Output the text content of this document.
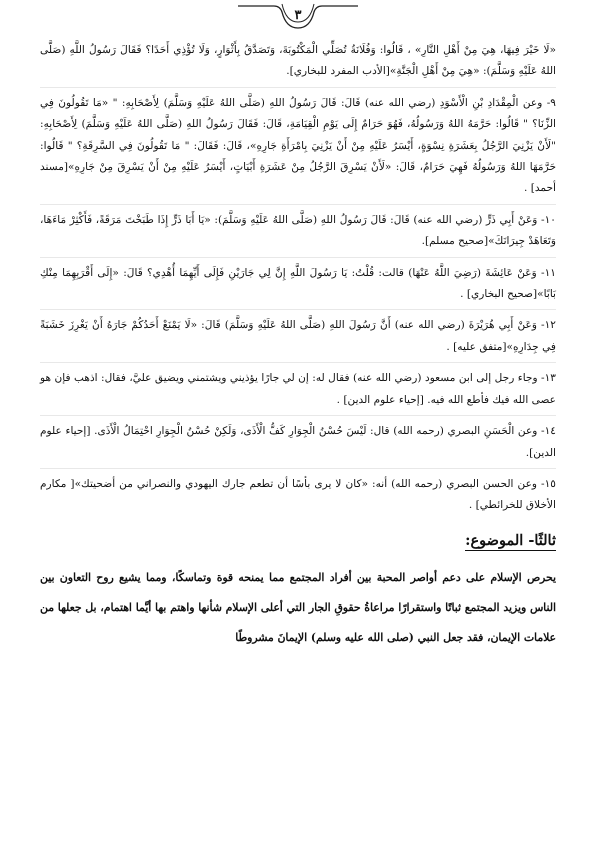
٣

«لَا خَيْرَ فِيهَا، هِيَ مِنْ أَهْلِ النَّارِ» ، قَالُوا: وَفُلَانَةُ تُصَلِّي الْمَكْتُوبَةَ، وَتَصَدَّقُ بِأَثْوَارٍ، وَلَا تُؤْذِي أَحَدًا؟ فَقَالَ رَسُولُ اللَّهِ (صَلَّى اللهُ عَلَيْهِ وَسَلَّمَ): «هِيَ مِنْ أَهْلِ الْجَنَّةِ»[الأدب المفرد للبخاري].

٩- وعن الْمِقْدَادِ بْنِ الْأَسْوَدِ (رضي الله عنه) قَالَ: قَالَ رَسُولُ اللهِ (صَلَّى اللهُ عَلَيْهِ وَسَلَّمَ) لِأَصْحَابِهِ: " «مَا تَقُولُونَ فِي الزِّنَا؟ " قَالُوا: حَرَّمَهُ اللهُ وَرَسُولُهُ، فَهُوَ حَرَامٌ إِلَى يَوْمِ الْقِيَامَةِ، قَالَ: فَقَالَ رَسُولُ اللهِ (صَلَّى اللهُ عَلَيْهِ وَسَلَّمَ) لِأَصْحَابِهِ: "لَأَنْ يَزْنِيَ الرَّجُلُ بِعَشَرَةِ نِسْوَةٍ، أَيْسَرُ عَلَيْهِ مِنْ أَنْ يَزْنِيَ بِامْرَأَةِ جَارِهِ»، قَالَ: فَقَالَ: " مَا تَقُولُونَ فِي السَّرِقَةِ؟ " قَالُوا: حَرَّمَهَا اللهُ وَرَسُولُهُ فَهِيَ حَرَامٌ، قَالَ: «لَأَنْ يَسْرِقَ الرَّجُلُ مِنْ عَشَرَةِ أَبْيَاتٍ، أَيْسَرُ عَلَيْهِ مِنْ أَنْ يَسْرِقَ مِنْ جَارِهِ»[مسند أحمد] .

١٠- وَعَنْ أَبِي ذَرٍّ (رضي الله عنه) قَالَ: قَالَ رَسُولُ اللهِ (صَلَّى اللهُ عَلَيْهِ وَسَلَّمَ): «يَا أَبَا ذَرٍّ إِذَا طَبَخْتَ مَرَقَةً، فَأَكْثِرْ مَاءَهَا، وَتَعَاهَدْ جِيرَانَكَ»[صحيح مسلم].

١١- وَعَنْ عَائِشَةَ (رَضِيَ اللَّهُ عَنْهَا) قالت: قُلْتُ: يَا رَسُولَ اللَّهِ إِنَّ لِي جَارَيْنِ فَإِلَى أَيِّهِمَا أُهْدِي؟ قَالَ: «إِلَى أَقْرَبِهِمَا مِنْكِ بَابًا»[صحيح البخاري] .

١٢- وَعَنْ أَبِي هُرَيْرَةَ (رضي الله عنه) أَنَّ رَسُولَ اللهِ (صَلَّى اللهُ عَلَيْهِ وَسَلَّمَ) قَالَ: «لَا يَمْنَعْ أَحَدُكُمْ جَارَهُ أَنْ يَغْرِزَ خَشَبَةً فِي جِدَارِهِ»[متفق عليه] .

١٣- وجاء رجل إلى ابن مسعود (رضي الله عنه) فقال له: إن لي جارًا يؤذيني ويشتمني ويضيق عليَّ، فقال: اذهب فإن هو عصى الله فيك فأطع الله فيه. [إحياء علوم الدين] .

١٤- وعن الْحَسَنِ البصري (رحمه الله) قال: لَيْسَ حُسْنُ الْجِوَارِ كَفُّ الْأَذَى، وَلَكِنْ حُسْنُ الْجِوَارِ احْتِمَالُ الْأَذَى. [إحياء علوم الدين].

١٥- وعن الحسن البصري (رحمه الله) أنه: «كان لا يرى بأسًا أن تطعم جارك اليهودي والنصراني من أضحيتك»[ مكارم الأخلاق للخرائطي] .

ثالثًا- الموضوع:

يحرص الإسلام على دعم أواصر المحبة بين أفراد المجتمع مما يمنحه قوة وتماسكًا، ومما يشيع روح التعاون بين الناس ويزيد المجتمع ثباتًا واستقرارًا مراعاةُ حقوقِ الجار التي أعلى الإسلام شأنها واهتم بها أيَّما اهتمام، بل جعلها من علامات الإيمان، فقد جعل النبي (صلى الله عليه وسلم) الإيمانَ مشروطًا
